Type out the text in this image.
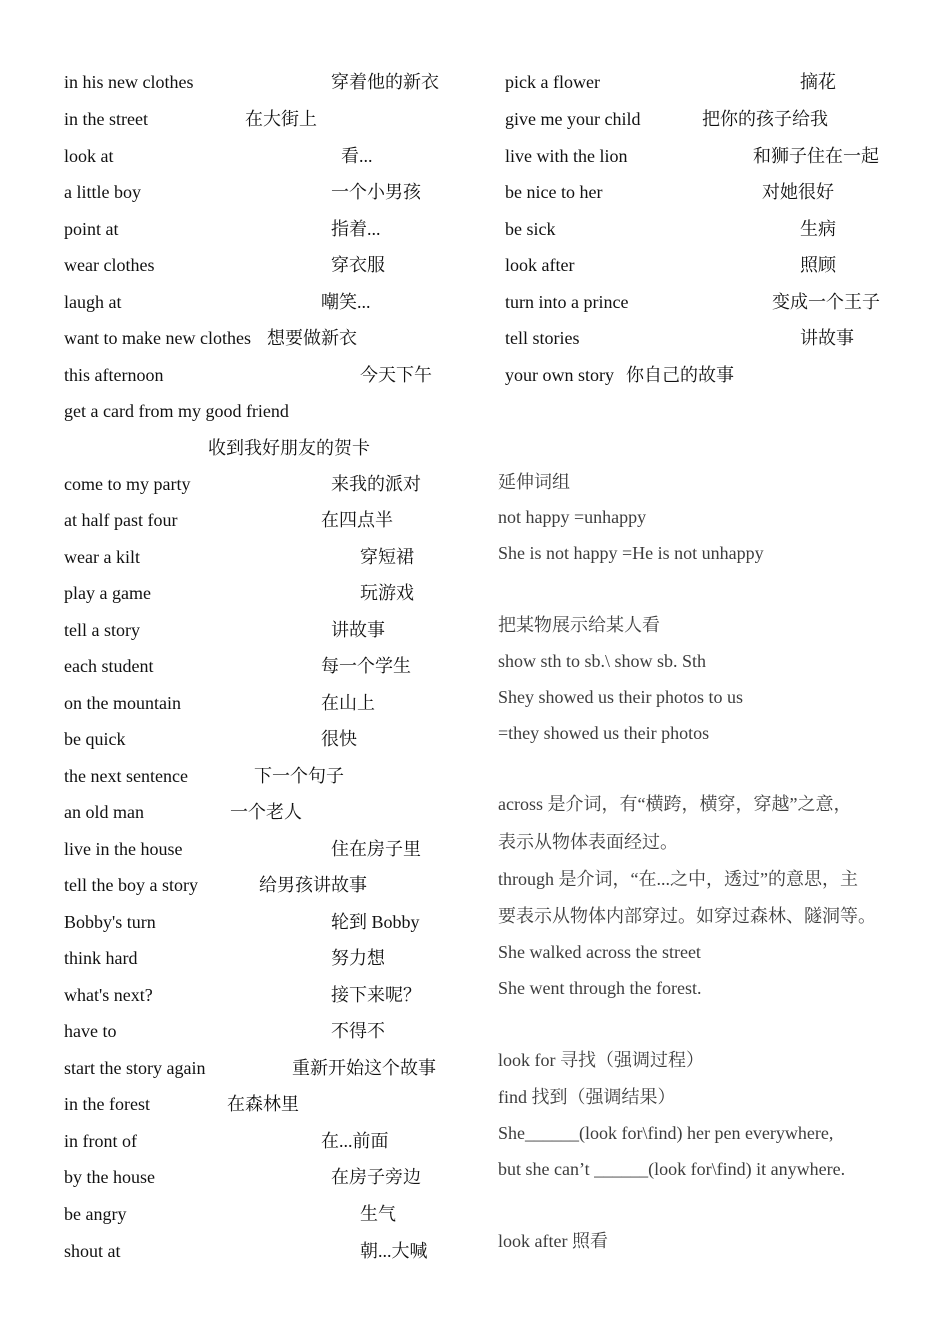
in his new clothes	穿着他的新衣
in the street	在大街上
look at	看...
a little boy	一个小男孩
point at	指着...
wear clothes	穿衣服
laugh at	嘲笑...
want to make new clothes 想要做新衣
this afternoon	今天下午
get a card from my good friend
收到我好朋友的贺卡
come to my party	来我的派对
at half past four	在四点半
wear a kilt	穿短裙
play a game	玩游戏
tell a story	讲故事
each student	每一个学生
on the mountain	在山上
be quick	很快
the next sentence	下一个句子
an old man	一个老人
live in the house	住在房子里
tell the boy a story	给男孩讲故事
Bobby's turn	轮到 Bobby
think hard	努力想
what's next?	接下来呢？
have to	不得不
start the story again	重新开始这个故事
in the forest	在森林里
in front of	在...前面
by the house	在房子旁边
be angry	生气
shout at	朝...大喊
pick a flower	摘花
give me your child	把你的孩子给我
live with the lion	和狮子住在一起
be nice to her	对她很好
be sick	生病
look after	照顾
turn into a prince	变成一个王子
tell stories	讲故事
your own story 你自己的故事
延伸词组
not happy =unhappy
She is not happy =He is not unhappy
把某物展示给某人看
show sth to sb.\ show sb. Sth
Shey showed us their photos to us
=they showed us their photos
across 是介词，有“横跨，横穿，穿越”之意，
表示从物体表面经过。
through 是介词，“在...之中，透过”的意思，主
要表示从物体内部穿过。如穿过森林、隧洞等。
She walked across the street
She went through the forest.
look for 寻找（强调过程）
find 找到（强调结果）
She______(look for\find) her pen everywhere,
but she can’t ______(look for\find) it anywhere.
look after 照看
